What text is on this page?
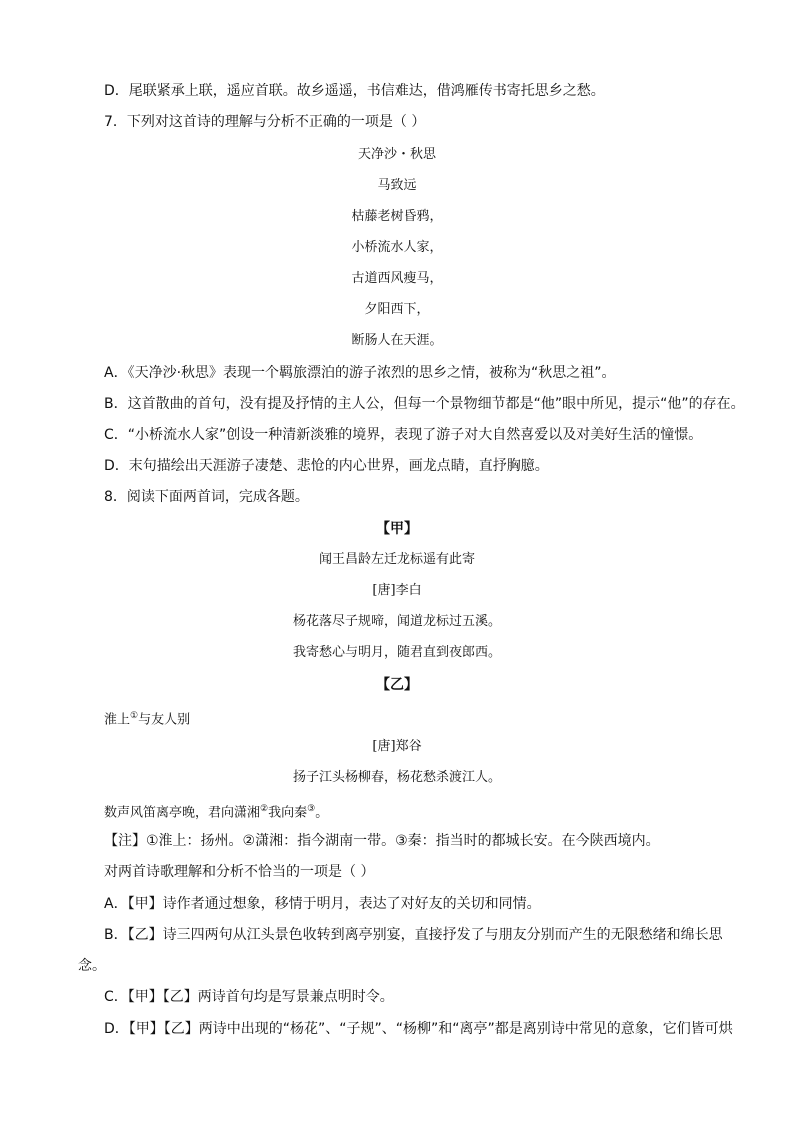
D．尾联紧承上联，遥应首联。故乡遥遥，书信难达，借鸿雁传书寄托思乡之愁。
7．下列对这首诗的理解与分析不正确的一项是（ ）
天净沙・秋思
马致远
枯藤老树昏鸦，
小桥流水人家，
古道西风瘦马，
夕阳西下，
断肠人在天涯。
A．《天净沙·秋思》表现一个羁旅漂泊的游子浓烈的思乡之情，被称为“秋思之祖”。
B．这首散曲的首句，没有提及抒情的主人公，但每一个景物细节都是“他”眼中所见，提示“他”的存在。
C．“小桥流水人家”创设一种清新淡雅的境界，表现了游子对大自然喜爱以及对美好生活的憧憬。
D．末句描绘出天涯游子凄楚、悲怆的内心世界，画龙点睛，直抒胸臆。
8．阅读下面两首词，完成各题。
【甲】
闻王昌龄左迁龙标遥有此寄
[唐]李白
杨花落尽子规啼，闻道龙标过五溪。
我寄愁心与明月，随君直到夜郎西。
【乙】
淮上①与友人别
[唐]郑谷
扬子江头杨柳春，杨花愁杀渡江人。
数声风笛离亭晚，君向潇湘②我向秦③。
【注】①淮上：扬州。②潇湘：指今湖南一带。③秦：指当时的都城长安。在今陕西境内。
对两首诗歌理解和分析不恰当的一项是（ ）
A．【甲】诗作者通过想象，移情于明月，表达了对好友的关切和同情。
B．【乙】诗三四两句从江头景色收转到离亭别宴，直接抒发了与朋友分别而产生的无限愁绪和绵长思
念。
C．【甲】【乙】两诗首句均是写景兼点明时令。
D．【甲】【乙】两诗中出现的“杨花”、“子规”、“杨柳”和“离亭”都是离别诗中常见的意象，它们皆可烘
